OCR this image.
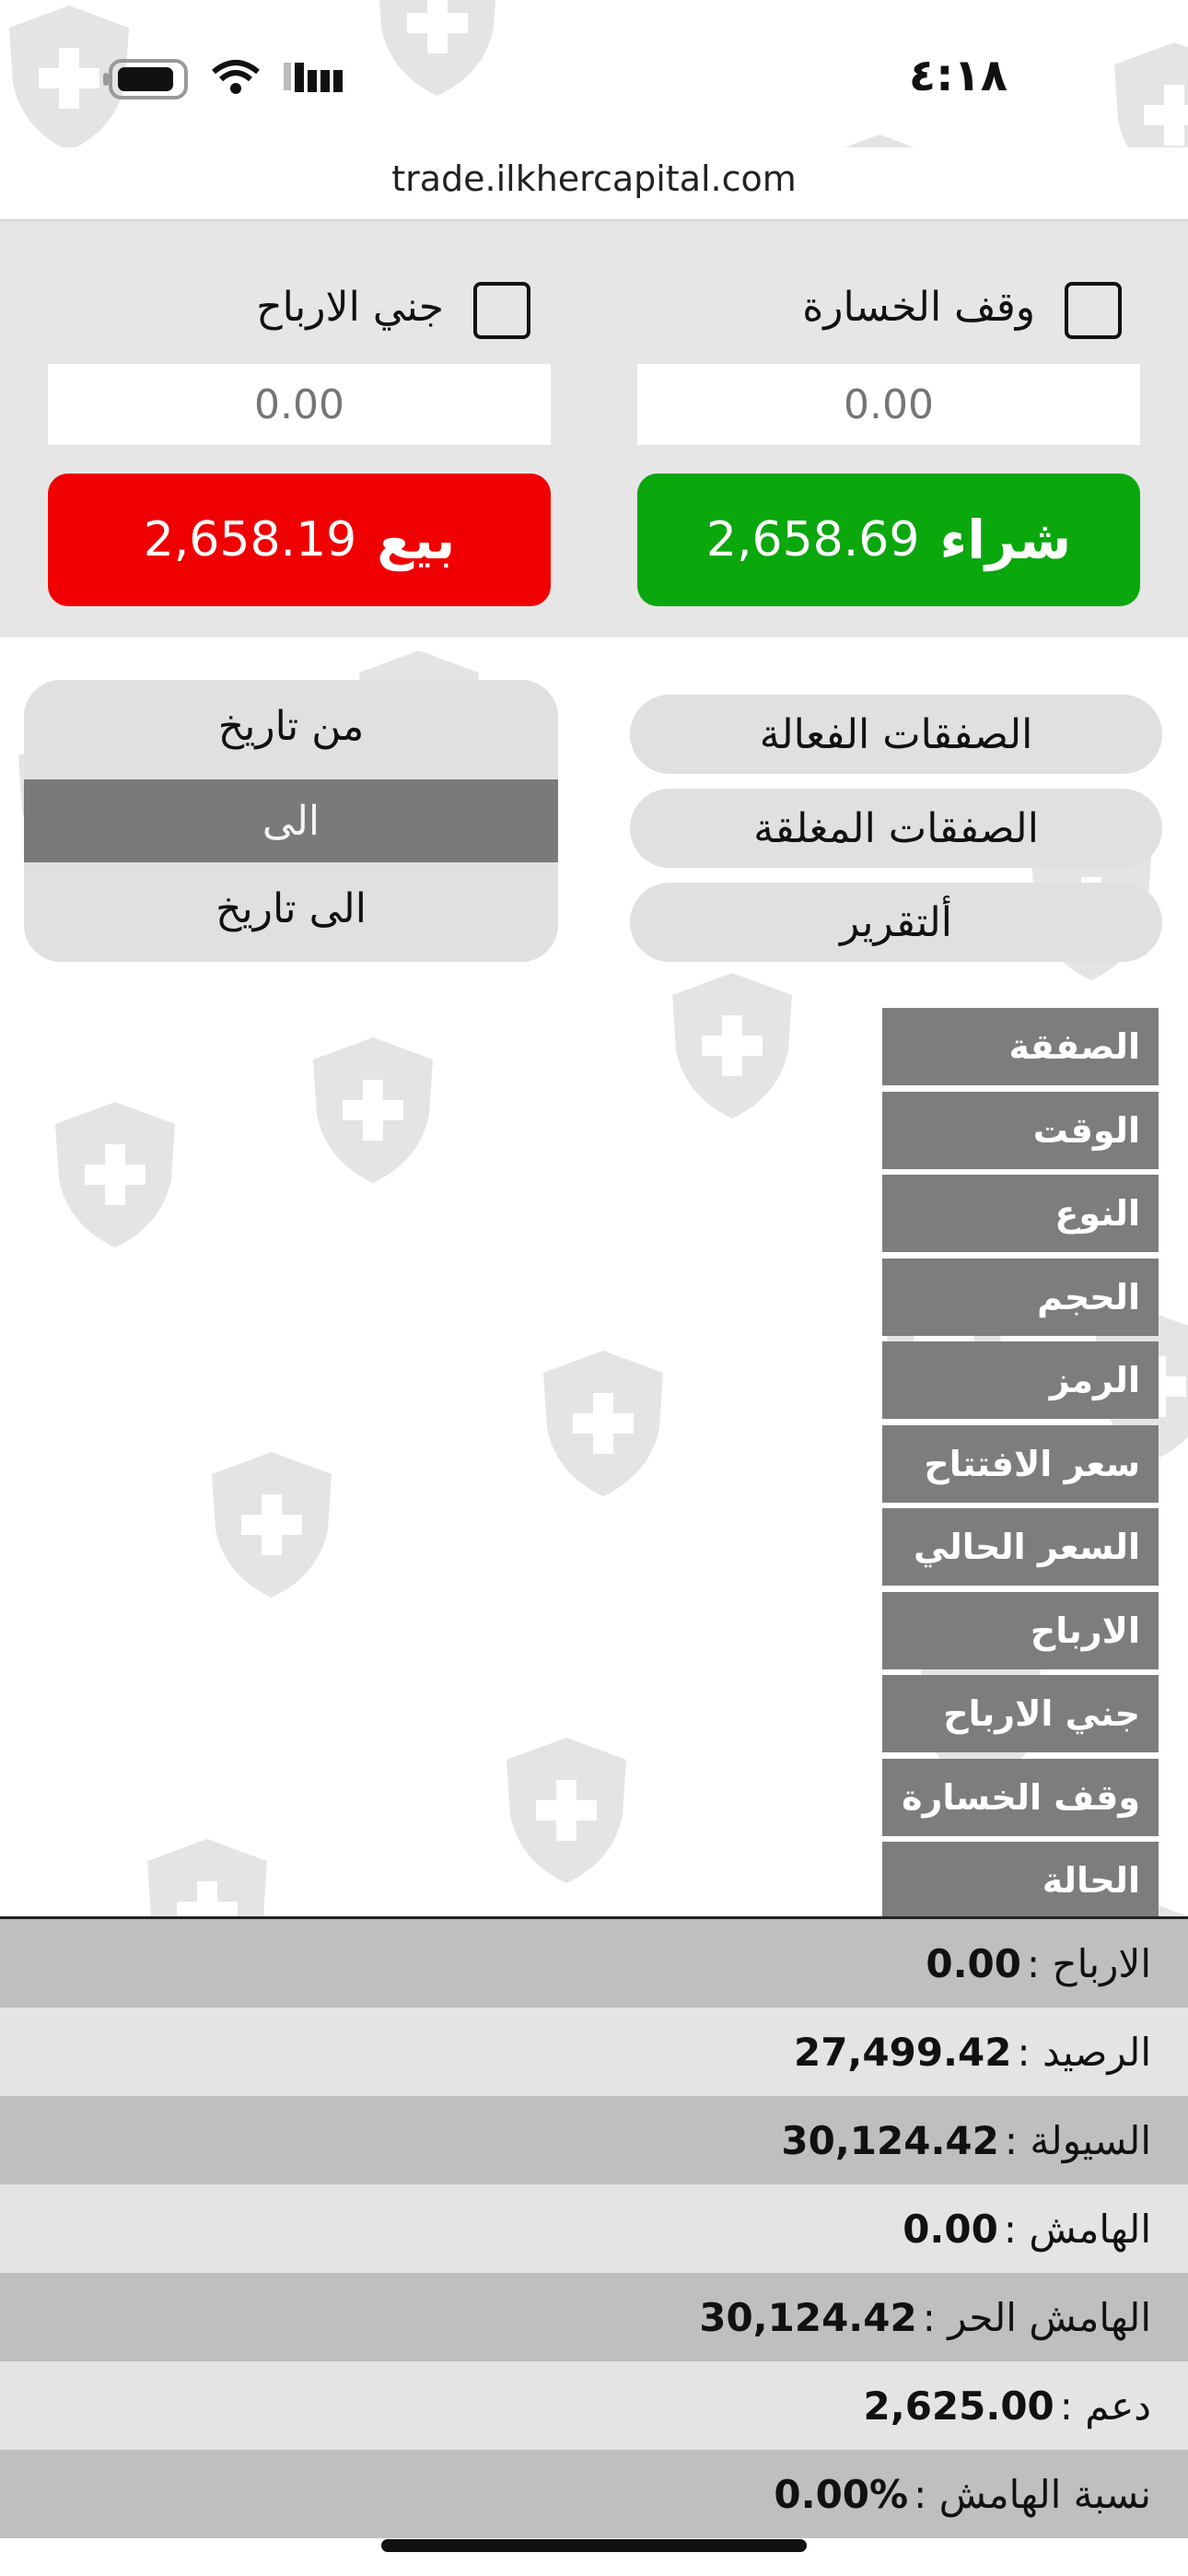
٤:١٨
trade.ilkhercapital.com
وقف الخسارة
جني الارباح
0.00
0.00
شراء
2,658.69
بيع
2,658.19
الصفقات الفعالة
الصفقات المغلقة
ألتقرير
من تاريخ
الى
الى تاريخ
الصفقة
الوقت
النوع
الحجم
الرمز
سعر الافتتاح
السعر الحالي
الارباح
جني الارباح
وقف الخسارة
الحالة
الارباح :
0.00
الرصيد :
27,499.42
السيولة :
30,124.42
الهامش :
0.00
الهامش الحر :
30,124.42
دعم :
2,625.00
نسبة الهامش :
0.00%
